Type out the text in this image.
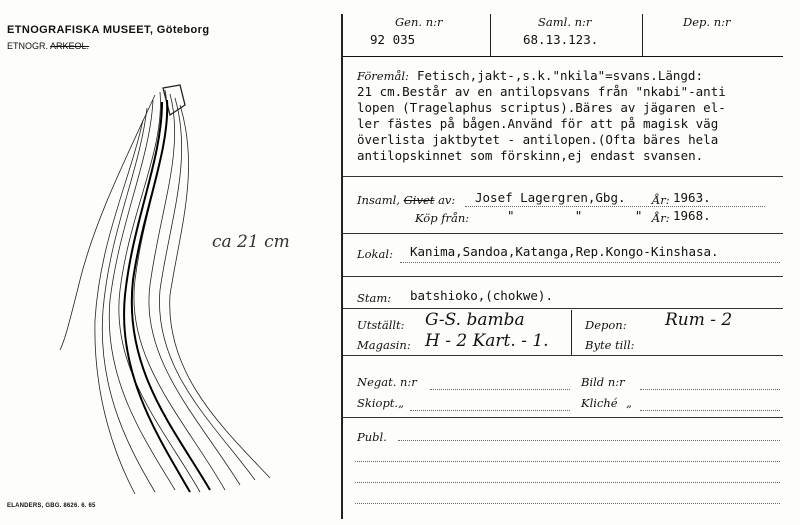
ETNOGRAFISKA MUSEET, Göteborg
ETNOGR. ARKEOL.
ca 21 cm
ELANDERS, GBG. 8626. 6. 65
Gen. n:r
92 035
Saml. n:r
68.13.123.
Dep. n:r
Föremål: Fetisch,jakt-,s.k."nkila"=svans.Längd:
21 cm.Består av en antilopsvans från "nkabi"-anti
lopen (Tragelaphus scriptus).Bäres av jägaren el-
ler fästes på bågen.Använd för att på magisk väg
överlista jaktbytet - antilopen.(Ofta bäres hela
antilopskinnet som förskinn,ej endast svansen.
Insaml, Givet av: Josef Lagergren,Gbg. År: 1963.
Köp från:	"        "       " År: 1968.
Lokal: Kanima,Sandoa,Katanga,Rep.Kongo-Kinshasa.
Stam: batshioko,(chokwe).
Utställt: G-S. bamba	Depon: Rum - 2
Magasin: H - 2 Kart. - 1.	Byte till:
Negat. n:r	Bild n:r
Skiopt. „	Kliché „
Publ.
